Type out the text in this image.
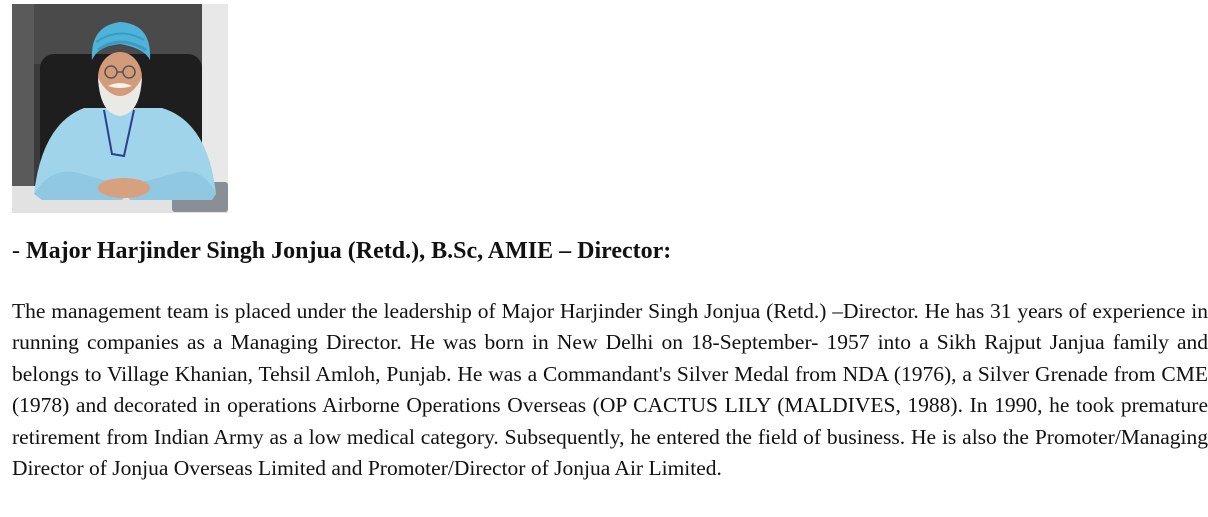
- Major Harjinder Singh Jonjua (Retd.), B.Sc, AMIE – Director:

The management team is placed under the leadership of Major Harjinder Singh Jonjua (Retd.) –Director. He has 31 years of experience in running companies as a Managing Director. He was born in New Delhi on 18-September- 1957 into a Sikh Rajput Janjua family and belongs to Village Khanian, Tehsil Amloh, Punjab. He was a Commandant's Silver Medal from NDA (1976), a Silver Grenade from CME (1978) and decorated in operations Airborne Operations Overseas (OP CACTUS LILY (MALDIVES, 1988). In 1990, he took premature retirement from Indian Army as a low medical category. Subsequently, he entered the field of business. He is also the Promoter/Managing Director of Jonjua Overseas Limited and Promoter/Director of Jonjua Air Limited.
